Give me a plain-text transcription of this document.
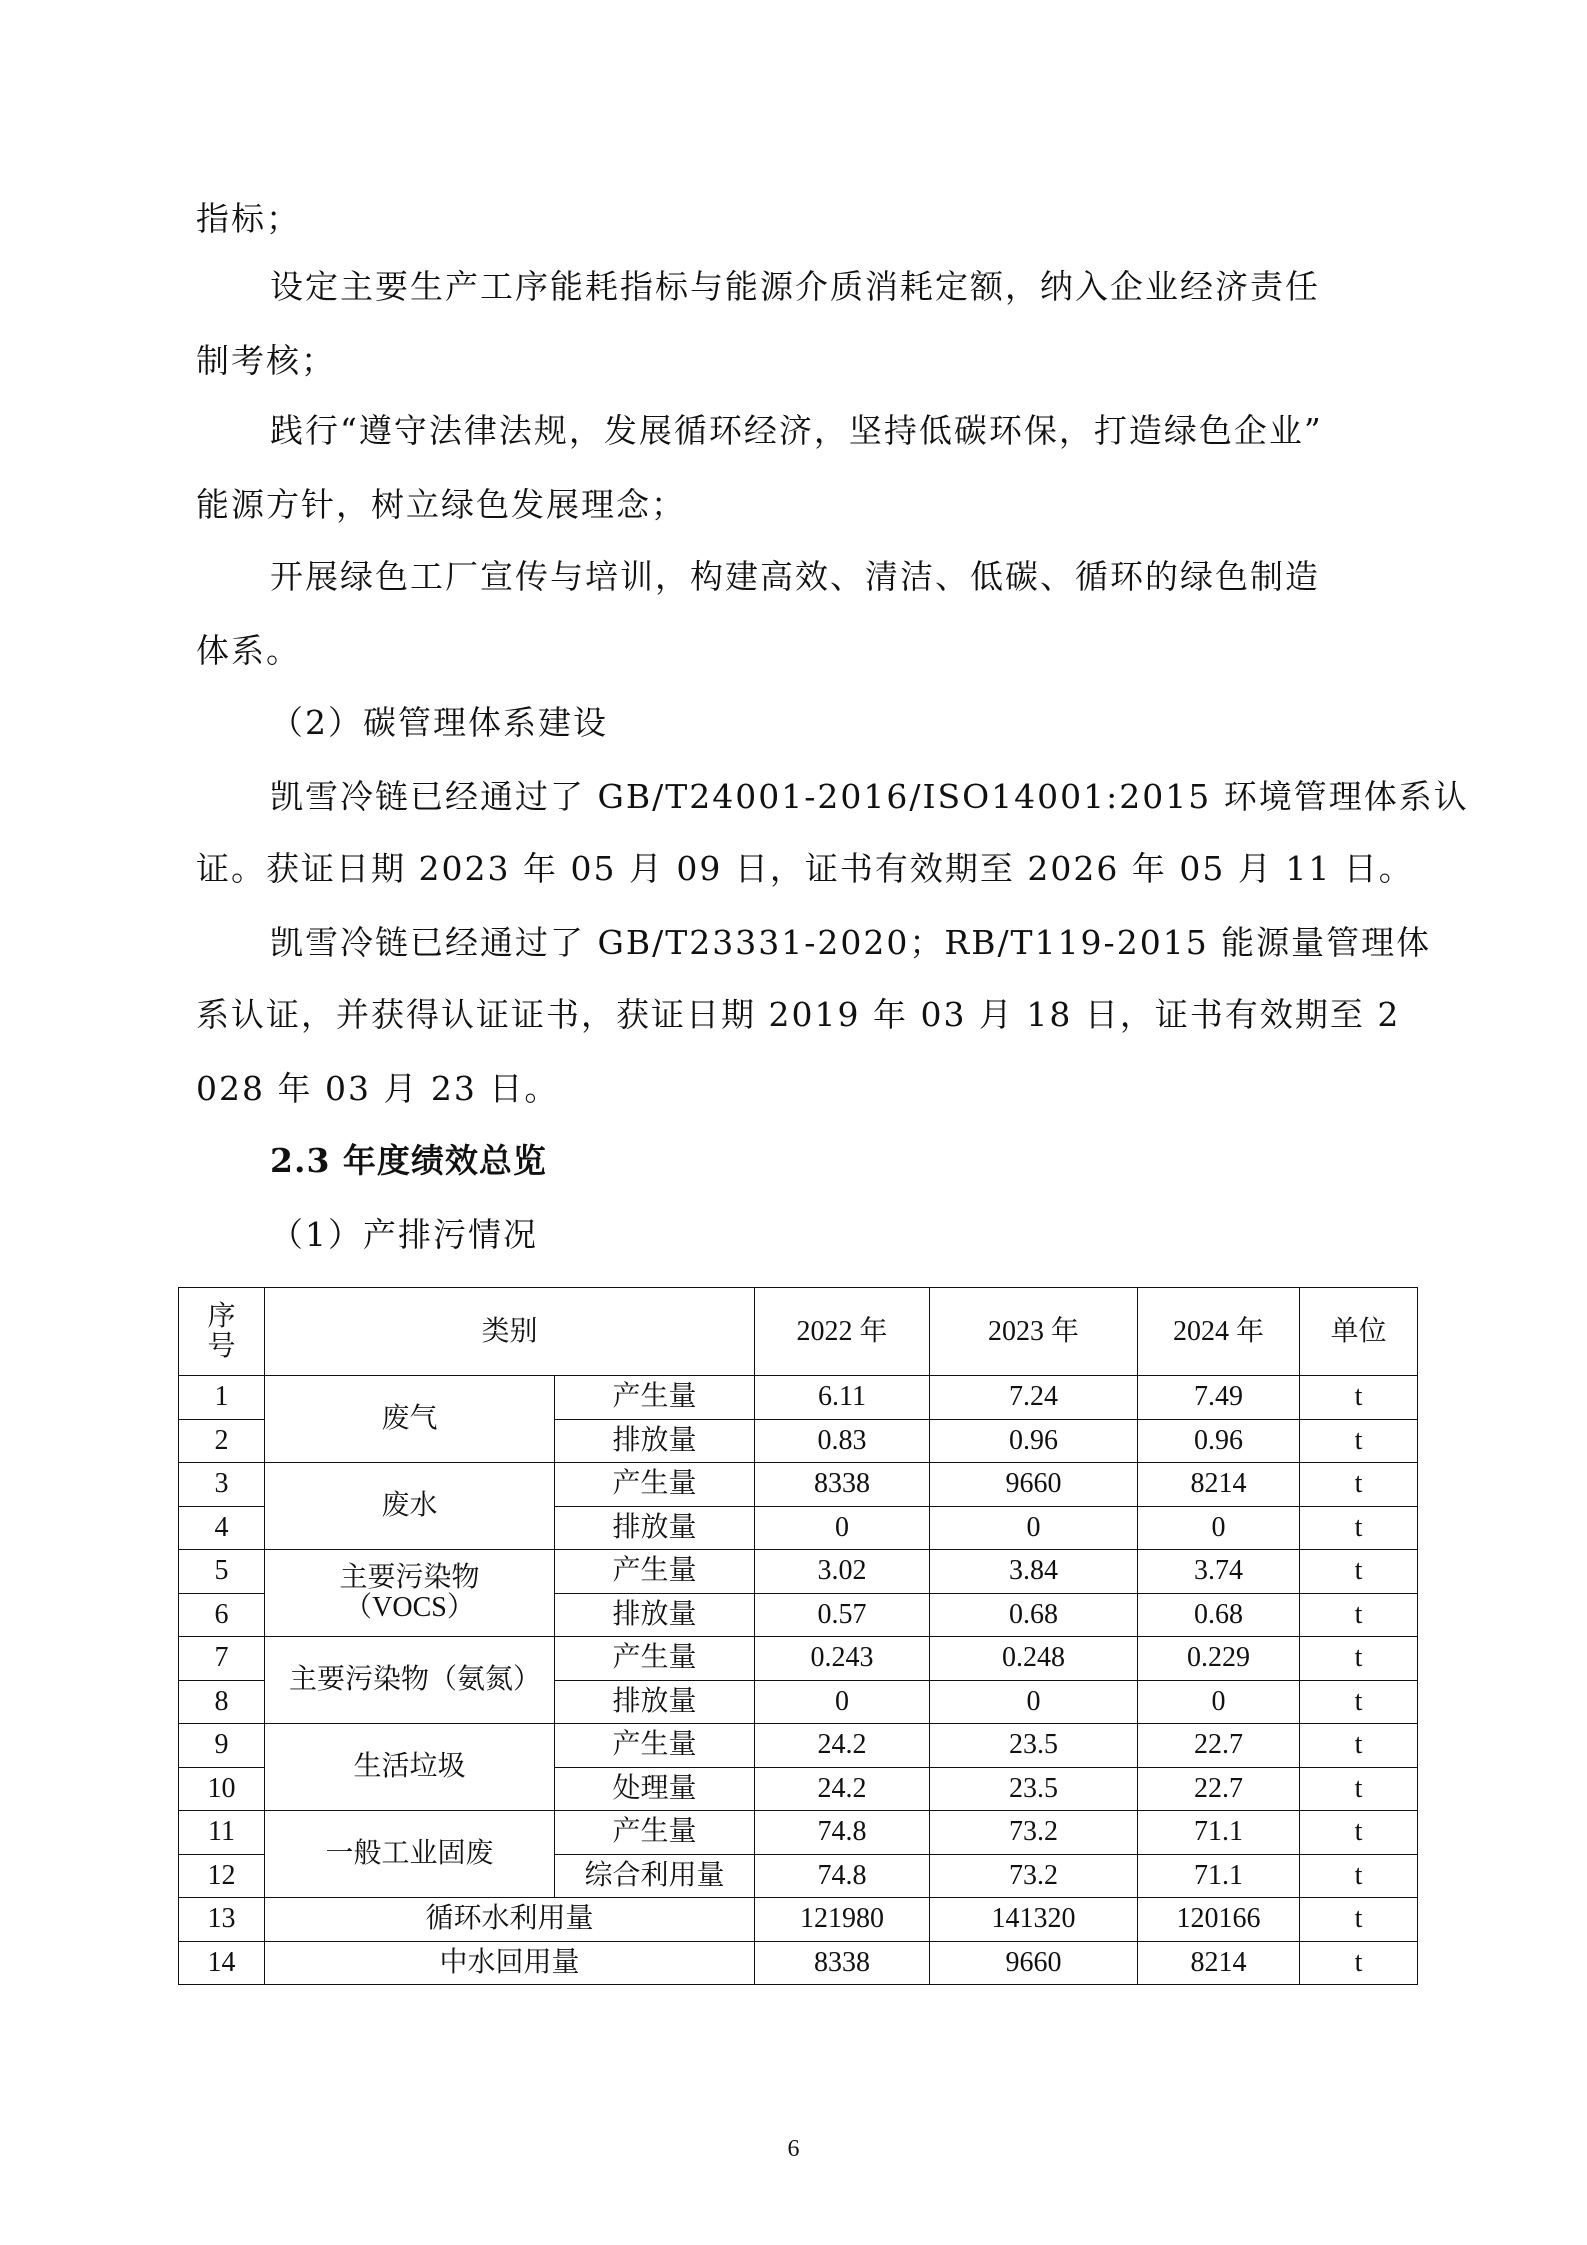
指标；
设定主要生产工序能耗指标与能源介质消耗定额，纳入企业经济责任
制考核；
践行“遵守法律法规，发展循环经济，坚持低碳环保，打造绿色企业”
能源方针，树立绿色发展理念；
开展绿色工厂宣传与培训，构建高效、清洁、低碳、循环的绿色制造
体系。
（2）碳管理体系建设
凯雪冷链已经通过了 GB/T24001-2016/ISO14001:2015 环境管理体系认
证。获证日期 2023 年 05 月 09 日，证书有效期至 2026 年 05 月 11 日。
凯雪冷链已经通过了 GB/T23331-2020；RB/T119-2015 能源量管理体
系认证，并获得认证证书，获证日期 2019 年 03 月 18 日，证书有效期至 2
028 年 03 月 23 日。
2.3 年度绩效总览
（1）产排污情况
序号	类别		2022 年	2023 年	2024 年	单位
1	废气	产生量	6.11	7.24	7.49	t
2		排放量	0.83	0.96	0.96	t
3	废水	产生量	8338	9660	8214	t
4		排放量	0	0	0	t
5	主要污染物（VOCS）	产生量	3.02	3.84	3.74	t
6		排放量	0.57	0.68	0.68	t
7	主要污染物（氨氮）	产生量	0.243	0.248	0.229	t
8		排放量	0	0	0	t
9	生活垃圾	产生量	24.2	23.5	22.7	t
10		处理量	24.2	23.5	22.7	t
11	一般工业固废	产生量	74.8	73.2	71.1	t
12		综合利用量	74.8	73.2	71.1	t
13	循环水利用量		121980	141320	120166	t
14	中水回用量		8338	9660	8214	t
6
